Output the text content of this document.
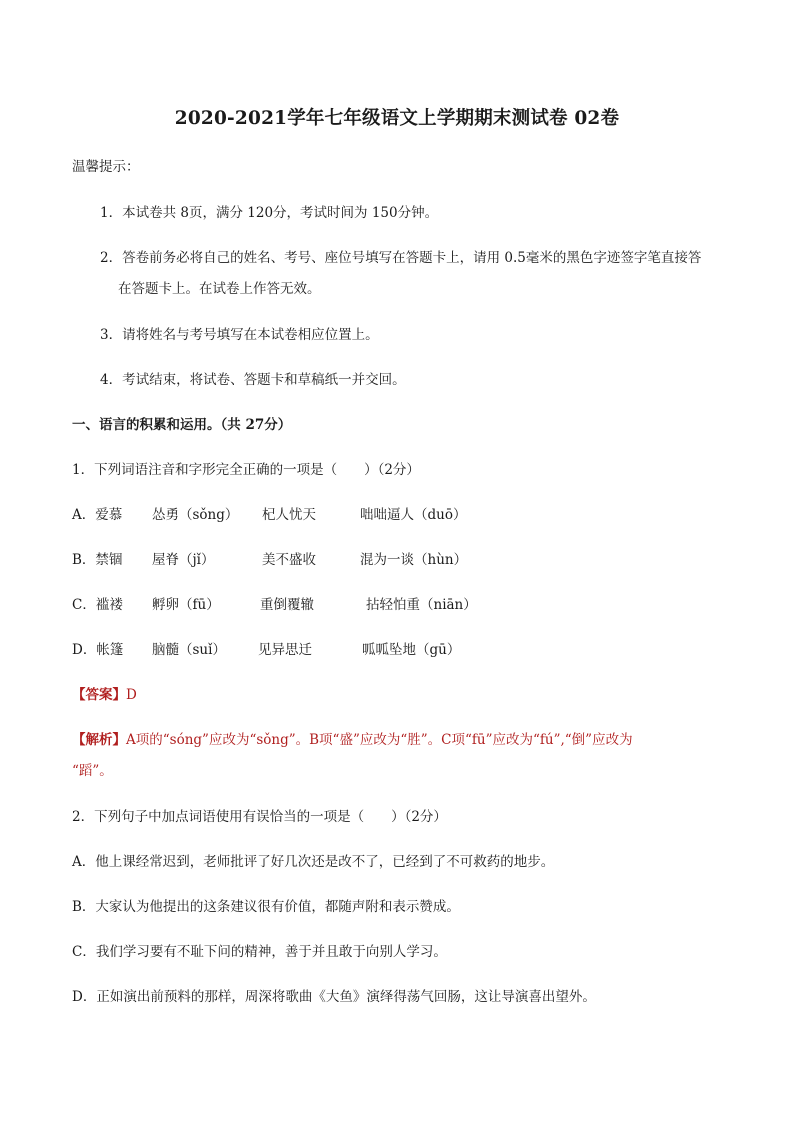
2020-2021学年七年级语文上学期期末测试卷 02卷
温馨提示：
1．本试卷共 8页，满分 120分，考试时间为 150分钟。
2．答卷前务必将自己的姓名、考号、座位号填写在答题卡上，请用 0.5毫米的黑色字迹签字笔直接答
在答题卡上。在试卷上作答无效。
3．请将姓名与考号填写在本试卷相应位置上。
4．考试结束，将试卷、答题卡和草稿纸一并交回。
一、语言的积累和运用。（共 27分）
1．下列词语注音和字形完全正确的一项是（　　）（2分）
A．爱慕 怂勇（sǒng） 杞人忧天	咄咄逼人（duō）
B．禁锢 屋脊（jǐ）	美不盛收	混为一谈（hùn）
C．褴褛 孵卵（fū）	重倒覆辙	拈轻怕重（niān）
D．帐篷 脑髓（suǐ） 见异思迁	呱呱坠地（gū）
【答案】D
【解析】A项的“sóng”应改为“sǒng”。B项“盛”应改为“胜”。C项“fū”应改为“fú”,“倒”应改为
“蹈”。
2．下列句子中加点词语使用有误恰当的一项是（　　）（2分）
A．他上课经常迟到，老师批评了好几次还是改不了，已经到了不可救药的地步。
B．大家认为他提出的这条建议很有价值，都随声附和表示赞成。
C．我们学习要有不耻下问的精神，善于并且敢于向别人学习。
D．正如演出前预料的那样，周深将歌曲《大鱼》演绎得荡气回肠，这让导演喜出望外。
